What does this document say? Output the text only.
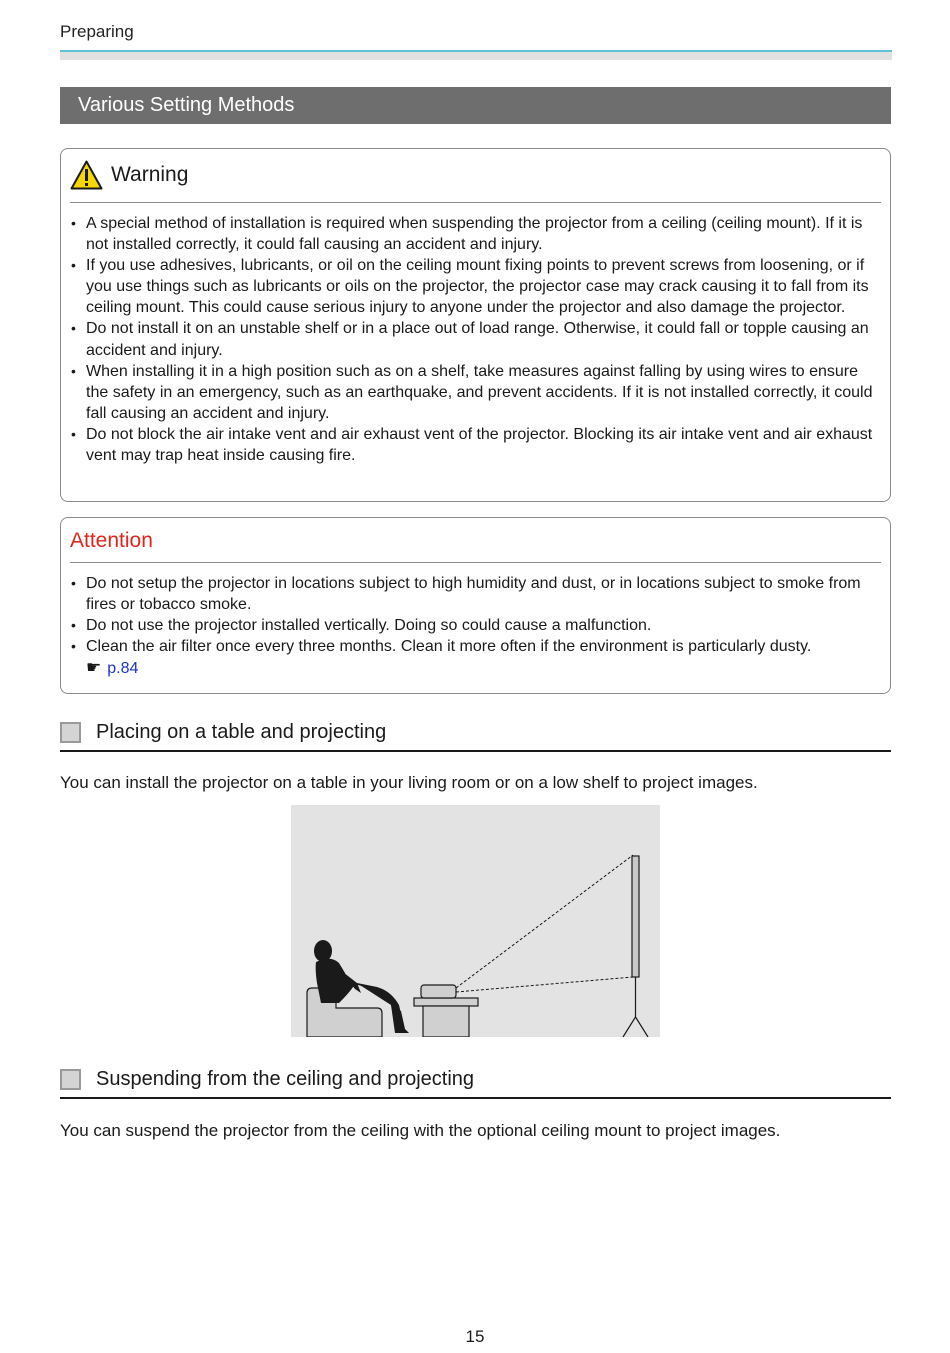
Preparing
Various Setting Methods
Warning
• A special method of installation is required when suspending the projector from a ceiling (ceiling mount). If it is not installed correctly, it could fall causing an accident and injury.
• If you use adhesives, lubricants, or oil on the ceiling mount fixing points to prevent screws from loosening, or if you use things such as lubricants or oils on the projector, the projector case may crack causing it to fall from its ceiling mount. This could cause serious injury to anyone under the projector and also damage the projector.
• Do not install it on an unstable shelf or in a place out of load range. Otherwise, it could fall or topple causing an accident and injury.
• When installing it in a high position such as on a shelf, take measures against falling by using wires to ensure the safety in an emergency, such as an earthquake, and prevent accidents. If it is not installed correctly, it could fall causing an accident and injury.
• Do not block the air intake vent and air exhaust vent of the projector. Blocking its air intake vent and air exhaust vent may trap heat inside causing fire.
Attention
• Do not setup the projector in locations subject to high humidity and dust, or in locations subject to smoke from fires or tobacco smoke.
• Do not use the projector installed vertically. Doing so could cause a malfunction.
• Clean the air filter once every three months. Clean it more often if the environment is particularly dusty.
☛ p.84
Placing on a table and projecting
You can install the projector on a table in your living room or on a low shelf to project images.
Suspending from the ceiling and projecting
You can suspend the projector from the ceiling with the optional ceiling mount to project images.
15
